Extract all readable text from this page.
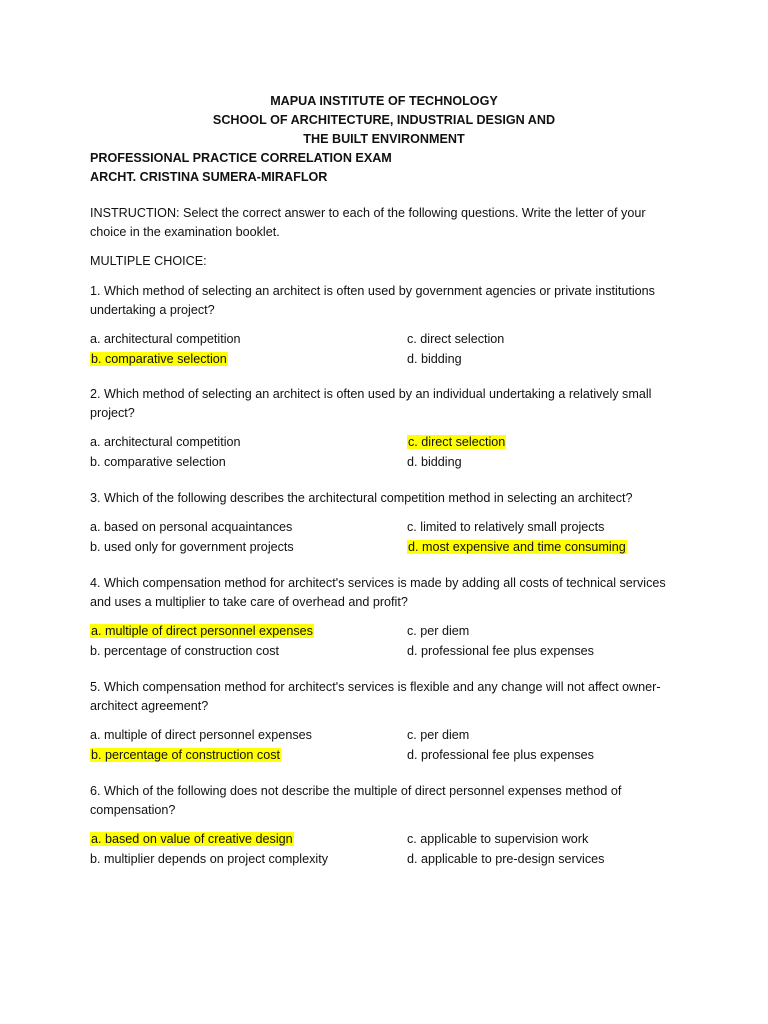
MAPUA INSTITUTE OF TECHNOLOGY
SCHOOL OF ARCHITECTURE, INDUSTRIAL DESIGN AND
THE BUILT ENVIRONMENT
PROFESSIONAL PRACTICE CORRELATION EXAM
ARCHT. CRISTINA SUMERA-MIRAFLOR
INSTRUCTION: Select the correct answer to each of the following questions. Write the letter of your choice in the examination booklet.
MULTIPLE CHOICE:

1. Which method of selecting an architect is often used by government agencies or private institutions undertaking a project?

a. architectural competition	c. direct selection
b. comparative selection	d. bidding

2. Which method of selecting an architect is often used by an individual undertaking a relatively small project?

a. architectural competition	c. direct selection
b. comparative selection	d. bidding

3. Which of the following describes the architectural competition method in selecting an architect?

a. based on personal acquaintances	c. limited to relatively small projects
b. used only for government projects	d. most expensive and time consuming

4. Which compensation method for architect's services is made by adding all costs of technical services and uses a multiplier to take care of overhead and profit?

a. multiple of direct personnel expenses	c. per diem
b. percentage of construction cost	d. professional fee plus expenses

5. Which compensation method for architect's services is flexible and any change will not affect owner-architect agreement?

a. multiple of direct personnel expenses	c. per diem
b. percentage of construction cost	d. professional fee plus expenses

6. Which of the following does not describe the multiple of direct personnel expenses method of compensation?

a. based on value of creative design	c. applicable to supervision work
b. multiplier depends on project complexity	d. applicable to pre-design services
